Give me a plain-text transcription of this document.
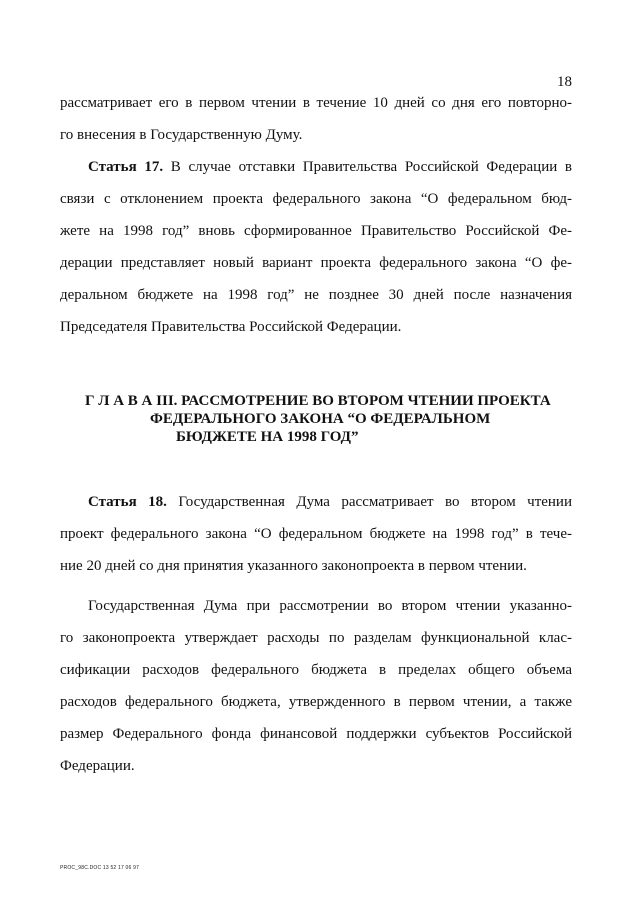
18
рассматривает его в первом чтении в течение 10 дней со дня его повторно-
го внесения в Государственную Думу.
Статья 17. В случае отставки Правительства Российской Федерации в
связи с отклонением проекта федерального закона “О федеральном бюд-
жете на 1998 год” вновь сформированное Правительство Российской Фе-
дерации представляет новый вариант проекта федерального закона “О фе-
деральном бюджете на 1998 год” не позднее 30 дней после назначения
Председателя Правительства Российской Федерации.
Г Л А В А III. РАССМОТРЕНИЕ ВО ВТОРОМ ЧТЕНИИ ПРОЕКТА
ФЕДЕРАЛЬНОГО ЗАКОНА “О ФЕДЕРАЛЬНОМ
БЮДЖЕТЕ НА 1998 ГОД”
Статья 18. Государственная Дума рассматривает во втором чтении
проект федерального закона “О федеральном бюджете на 1998 год” в тече-
ние 20 дней со дня принятия указанного законопроекта в первом чтении.
Государственная Дума при рассмотрении во втором чтении указанно-
го законопроекта утверждает расходы по разделам функциональной клас-
сификации расходов федерального бюджета в пределах общего объема
расходов федерального бюджета, утвержденного в первом чтении, а также
размер Федерального фонда финансовой поддержки субъектов Российской
Федерации.
PROC_98C.DOC 13 52 17 06 97
